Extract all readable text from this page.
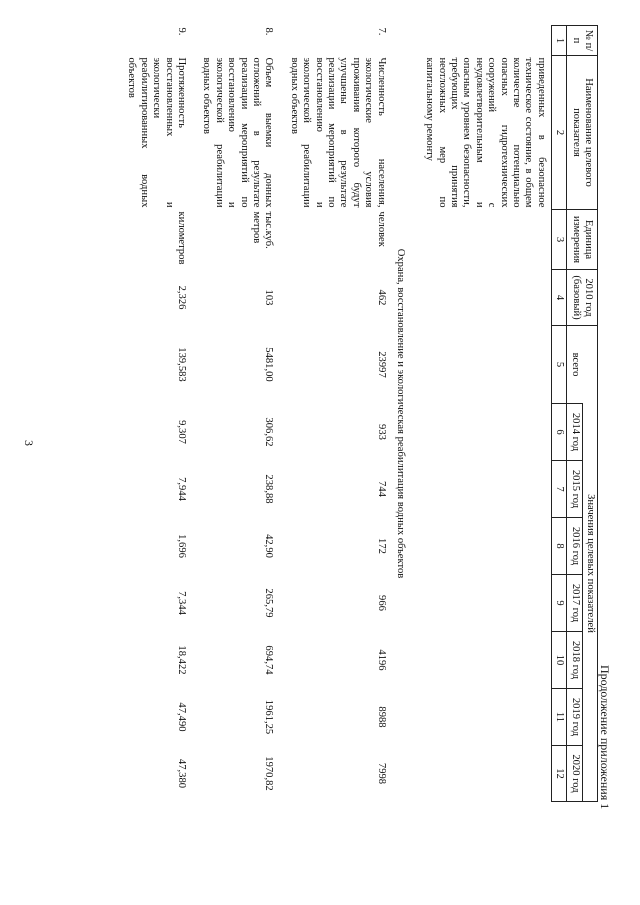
3
Продолжение приложения 1
№ п/п	Наименование целевого показателя	Единица измерения	2010 год (базовый)	Значения целевых показателей							
				всего	2014 год	2015 год	2016 год	2017 год	2018 год	2019 год	2020 год
1	2	3	4	5	6	7	8	9	10	11	12
	приведенных в безопасное техническое состояние, в общем количестве потенциально опасных гидротехнических сооружений с неудовлетворительным и опасным уровнем безопасности, требующих принятия неотложных мер по капитальному ремонту										
Охрана, восстановление и экологическая реабилитация водных объектов											
7.	Численность населения, экологические условия проживания которого будут улучшены в результате реализации мероприятий по восстановлению и экологической реабилитации водных объектов	человек	462	23997	933	744	172	966	4196	8988	7998
8.	Объем выемки донных отложений в результате реализации мероприятий по восстановлению и экологической реабилитации водных объектов	тыс.куб. метров	103	5481,00	306,62	238,88	42,90	265,79	694,74	1961,25	1970,82
9.	Протяженность восстановленных и экологически реабилитированных водных объектов	километров	2,326	139,583	9,307	7,944	1,696	7,344	18,422	47,490	47,380
